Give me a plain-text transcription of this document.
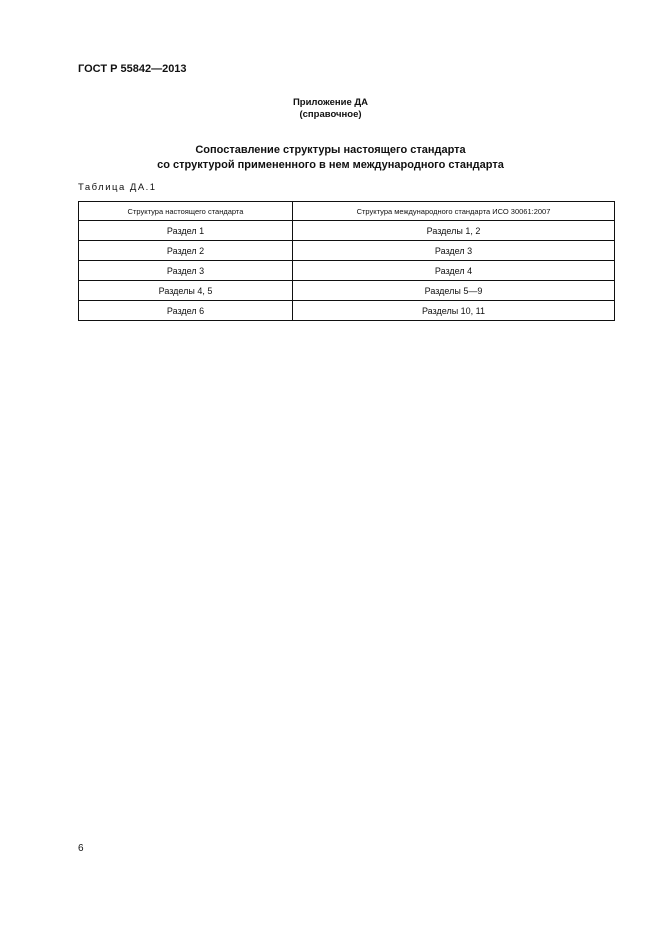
ГОСТ Р 55842—2013
Приложение ДА
(справочное)
Сопоставление структуры настоящего стандарта
со структурой примененного в нем международного стандарта
Таблица ДА.1
Структура настоящего стандарта	Структура международного стандарта ИСО 30061:2007
Раздел 1	Разделы 1, 2
Раздел 2	Раздел 3
Раздел 3	Раздел 4
Разделы 4, 5	Разделы 5—9
Раздел 6	Разделы 10, 11
6
